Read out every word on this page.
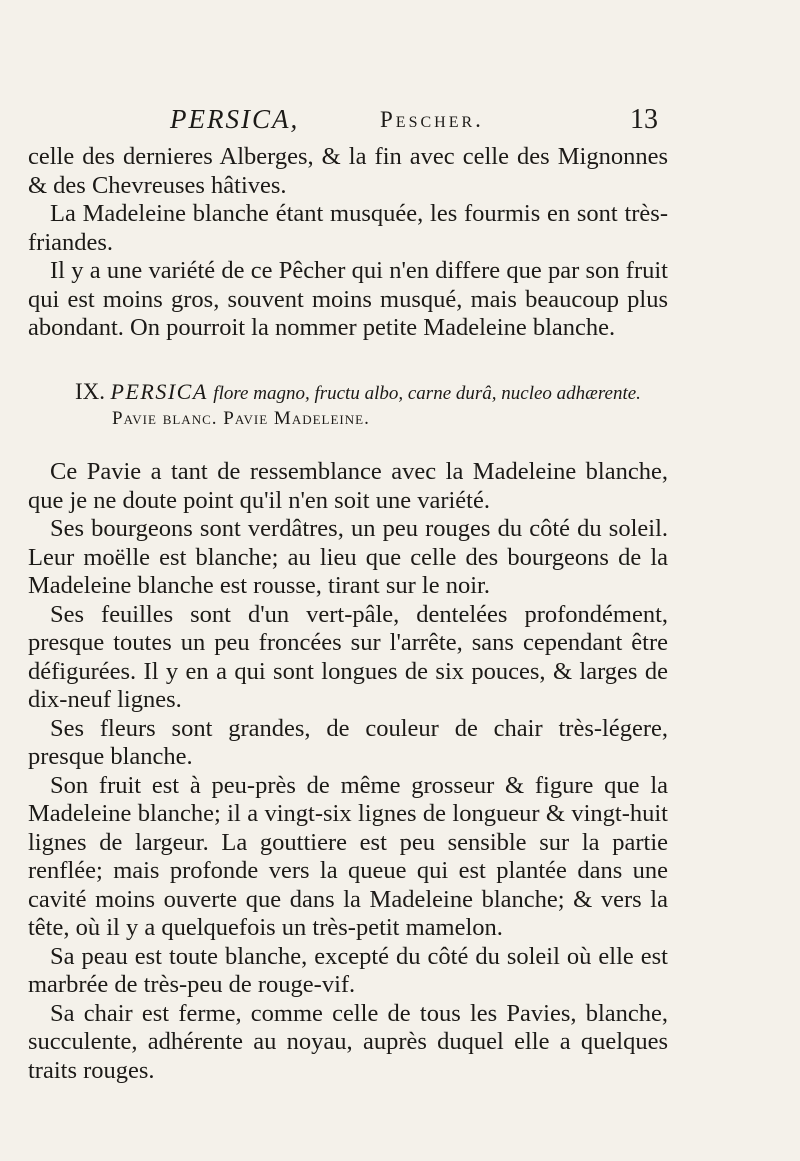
PERSICA,	Pescher.	13

celle des dernieres Alberges, & la fin avec celle des Mignonnes & des Chevreuses hâtives.

La Madeleine blanche étant musquée, les fourmis en sont très-friandes.

Il y a une variété de ce Pêcher qui n'en differe que par son fruit qui est moins gros, souvent moins musqué, mais beaucoup plus abondant. On pourroit la nommer petite Madeleine blanche.

IX. PERSICA flore magno, fructu albo, carne durâ, nucleo adhærente.
Pavie blanc. Pavie Madeleine.

Ce Pavie a tant de ressemblance avec la Madeleine blanche, que je ne doute point qu'il n'en soit une variété.

Ses bourgeons sont verdâtres, un peu rouges du côté du soleil. Leur moëlle est blanche; au lieu que celle des bourgeons de la Madeleine blanche est rousse, tirant sur le noir.

Ses feuilles sont d'un vert-pâle, dentelées profondément, presque toutes un peu froncées sur l'arrête, sans cependant être défigurées. Il y en a qui sont longues de six pouces, & larges de dix-neuf lignes.

Ses fleurs sont grandes, de couleur de chair très-légere, presque blanche.

Son fruit est à peu-près de même grosseur & figure que la Madeleine blanche; il a vingt-six lignes de longueur & vingt-huit lignes de largeur. La gouttiere est peu sensible sur la partie renflée; mais profonde vers la queue qui est plantée dans une cavité moins ouverte que dans la Madeleine blanche; & vers la tête, où il y a quelquefois un très-petit mamelon.

Sa peau est toute blanche, excepté du côté du soleil où elle est marbrée de très-peu de rouge-vif.

Sa chair est ferme, comme celle de tous les Pavies, blanche, succulente, adhérente au noyau, auprès duquel elle a quelques traits rouges.
